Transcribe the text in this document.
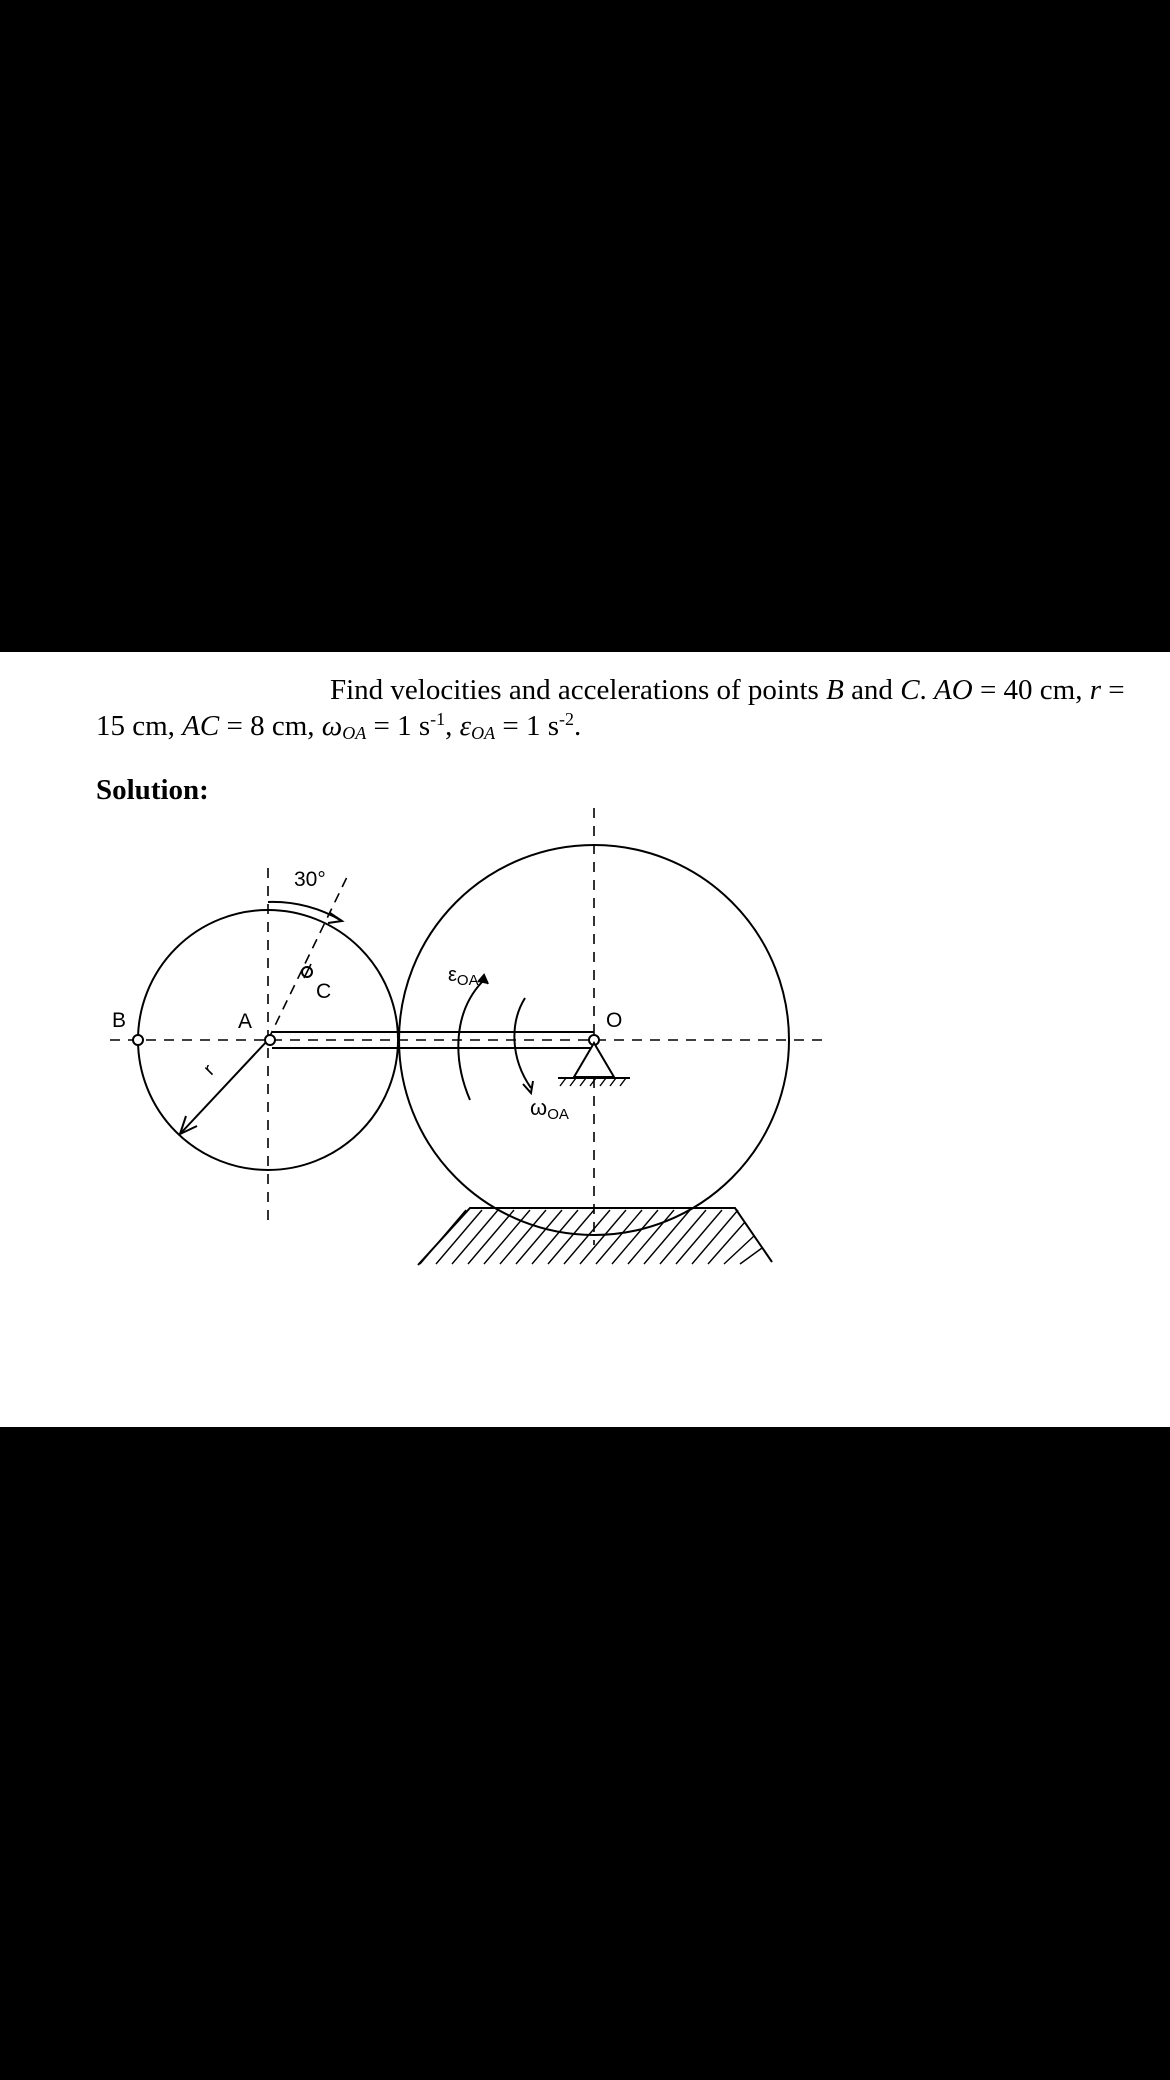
Find velocities and accelerations of points B and C. AO = 40 cm, r = 15 cm, AC = 8 cm, $\omega_{OA} = 1$ $s^{-1}$, $\varepsilon_{OA} = 1$ $s^{-2}$.
Solution:
30°
B	A
C
O
r
$\varepsilon_{OA}$
ωOA
